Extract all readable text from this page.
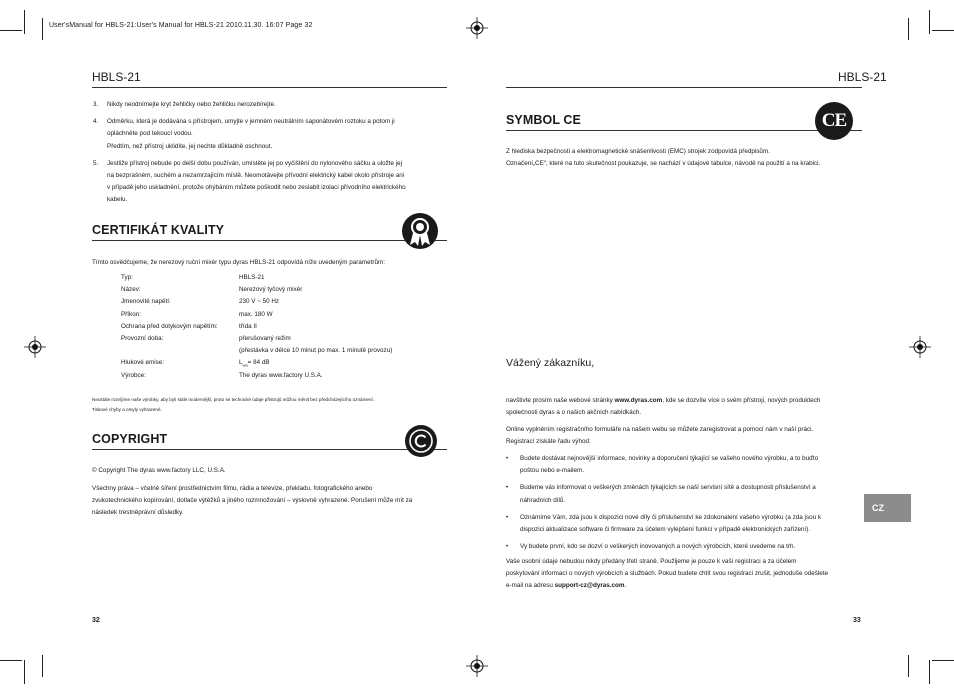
User'sManual for HBLS-21:User's Manual for HBLS-21 2010.11.30. 16:07 Page 32
HBLS-21
3.	Nikdy neodnímejte kryt žehličky nebo žehličku nerozebírejte.
4.	Odměrku, která je dodávána s přístrojem, umyjte v jemném neutrálním saponátovém roztoku a potom ji
opláchněte pod tekoucí vodou.
Předtím, než přístroj uklidíte, jej nechte důkladně oschnout.
5.	Jestliže přístroj nebude po delší dobu používán, umístěte jej po vyčištění do nylonového sáčku a uložte jej
na bezprašném, suchém a nezamrzajícím místě. Neomotávejte přívodní elektrický kabel okolo přístroje ani
v případě jeho uskladnění, protože ohýbáním můžete poškodit nebo zeslabit izolaci přívodního elektrického
kabelu.
CERTIFIKÁT KVALITY
Tímto osvědčujeme, že nerezový ruční mixér typu dyras HBLS-21 odpovídá níže uvedeným parametrům:
Typ:	HBLS-21
Název:	Nerezový tyčový mixér
Jmenovité napětí:	230 V ~ 50 Hz
Příkon:	max. 180 W
Ochrana před dotykovým napětím:	třída II
Provozní doba:	přerušovaný režim
(přestávka v délce 10 minut po max. 1 minutě provozu)
Hlukové emise:	$L_{wa}= 84$ dB
Výrobce:	The dyras www.factory U.S.A.
Neustále rozvíjíme naše výrobky, aby byli stále modernější, proto se technické údaje přístrojů můžou měnit bez předcházejícího oznámení.
Tiskové chyby a omyly vyhrazené.
COPYRIGHT
© Copyright The dyras www.factory LLC, U.S.A.
Všechny práva – včetně šíření prostřednictvím filmu, rádia a televize, překladu, fotografického anebo
zvukotechnického kopírování, dotlače výtěžků a jiného rozmnožování – výslovně vyhrazené. Porušení může mít za
následek trestněprávní důsledky.
32
HBLS-21
SYMBOL CE	CE
Z hlediska bezpečnosti a elektromagnetické snášenlivosti (EMC) strojek zodpovídá předpisům.
Označení„CE“, které na tuto skutečnost poukazuje, se nachází v údajové tabulce, návodě na použití a na krabici.
Vážený zákazníku,
navštivte prosím naše webové stránky www.dyras.com, kde se dozvíte více o svém přístroji, nových produktech
společnosti dyras a o našich akčních nabídkách.
Online vyplněním registračního formuláře na našem webu se můžete zaregistrovat a pomocí nám v naší práci.
Registrací získáte řadu výhod:
• Budete dostávat nejnovější informace, novinky a doporučení týkající se vašeho nového výrobku, a to buďto
poštou nebo e-mailem.
• Budeme vás informovat o veškerých změnách týkajících se naší servisní sítě a dostupnosti příslušenství a
náhradních dílů.
• Oznámíme Vám, zda jsou k dispozici nové díly či příslušenství ke zdokonalení vašeho výrobku (a zda jsou k
dispozici aktualizace software či firmware za účelem vylepšení funkcí v případě elektronických zařízení).
• Vy budete první, kdo se dozví o veškerých inovovaných a nových výrobcích, které uvedeme na trh.
Vaše osobní údaje nebudou nikdy předány třetí straně. Použijeme je pouze k vaší registraci a za účelem
poskytování informací o nových výrobcích a službách. Pokud budete chtít svou registraci zrušit, jednoduše odešlete
e-mail na adresu support-cz@dyras.com.
CZ
33
